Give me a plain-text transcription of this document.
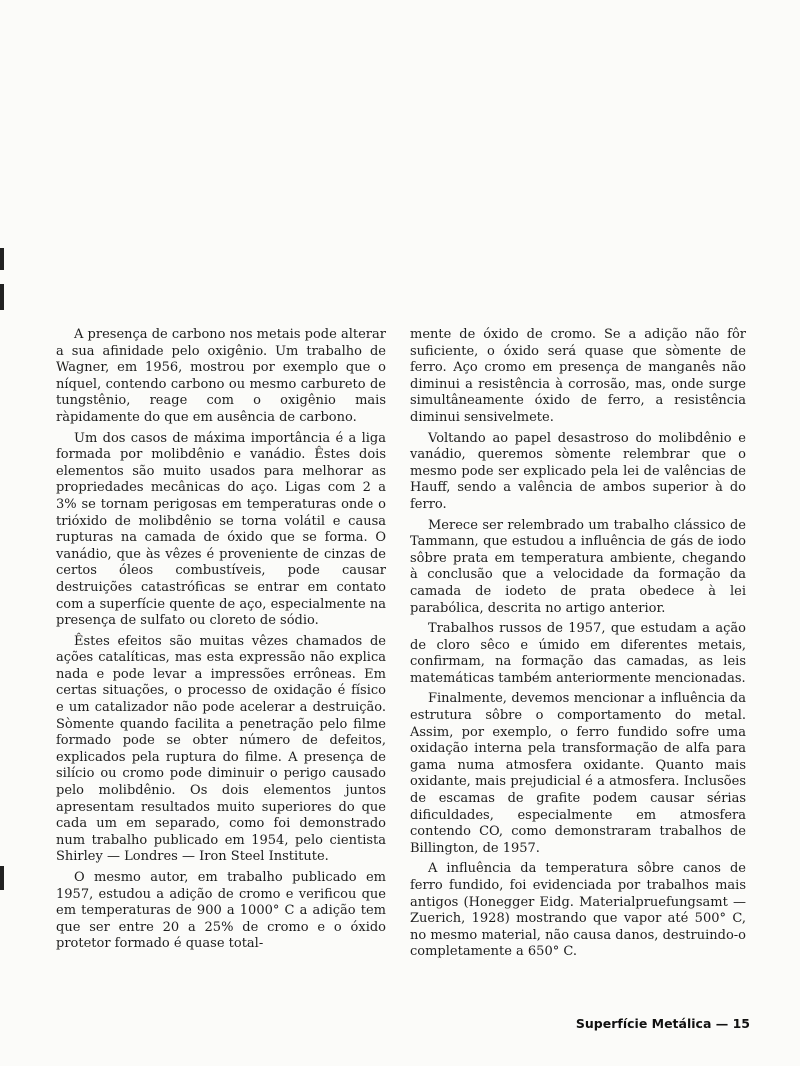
A presença de carbono nos metais pode alterar a sua afinidade pelo oxigênio. Um trabalho de Wagner, em 1956, mostrou por exemplo que o níquel, contendo carbono ou mesmo carbureto de tungstênio, reage com o oxigênio mais ràpidamente do que em ausência de carbono.

Um dos casos de máxima importância é a liga formada por molibdênio e vanádio. Êstes dois elementos são muito usados para melhorar as propriedades mecânicas do aço. Ligas com 2 a 3% se tornam perigosas em temperaturas onde o trióxido de molibdênio se torna volátil e causa rupturas na camada de óxido que se forma. O vanádio, que às vêzes é proveniente de cinzas de certos óleos combustíveis, pode causar destruições catastróficas se entrar em contato com a superfície quente de aço, especialmente na presença de sulfato ou cloreto de sódio.

Êstes efeitos são muitas vêzes chamados de ações catalíticas, mas esta expressão não explica nada e pode levar a impressões errôneas. Em certas situações, o processo de oxidação é físico e um catalizador não pode acelerar a destruição. Sòmente quando facilita a penetração pelo filme formado pode se obter número de defeitos, explicados pela ruptura do filme. A presença de silício ou cromo pode diminuir o perigo causado pelo molibdênio. Os dois elementos juntos apresentam resultados muito superiores do que cada um em separado, como foi demonstrado num trabalho publicado em 1954, pelo cientista Shirley — Londres — Iron Steel Institute.

O mesmo autor, em trabalho publicado em 1957, estudou a adição de cromo e verificou que em temperaturas de 900 a 1000° C a adição tem que ser entre 20 a 25% de cromo e o óxido protetor formado é quase total-

mente de óxido de cromo. Se a adição não fôr suficiente, o óxido será quase que sòmente de ferro. Aço cromo em presença de manganês não diminui a resistência à corrosão, mas, onde surge simultâneamente óxido de ferro, a resistência diminui sensivelmete.

Voltando ao papel desastroso do molibdênio e vanádio, queremos sòmente relembrar que o mesmo pode ser explicado pela lei de valências de Hauff, sendo a valência de ambos superior à do ferro.

Merece ser relembrado um trabalho clássico de Tammann, que estudou a influência de gás de iodo sôbre prata em temperatura ambiente, chegando à conclusão que a velocidade da formação da camada de iodeto de prata obedece à lei parabólica, descrita no artigo anterior.

Trabalhos russos de 1957, que estudam a ação de cloro sêco e úmido em diferentes metais, confirmam, na formação das camadas, as leis matemáticas também anteriormente mencionadas.

Finalmente, devemos mencionar a influência da estrutura sôbre o comportamento do metal. Assim, por exemplo, o ferro fundido sofre uma oxidação interna pela transformação de alfa para gama numa atmosfera oxidante. Quanto mais oxidante, mais prejudicial é a atmosfera. Inclusões de escamas de grafite podem causar sérias dificuldades, especialmente em atmosfera contendo CO, como demonstraram trabalhos de Billington, de 1957.

A influência da temperatura sôbre canos de ferro fundido, foi evidenciada por trabalhos mais antigos (Honegger Eidg. Materialpruefungsamt — Zuerich, 1928) mostrando que vapor até 500° C, no mesmo material, não causa danos, destruindo-o completamente a 650° C.

Superfície Metálica — 15
